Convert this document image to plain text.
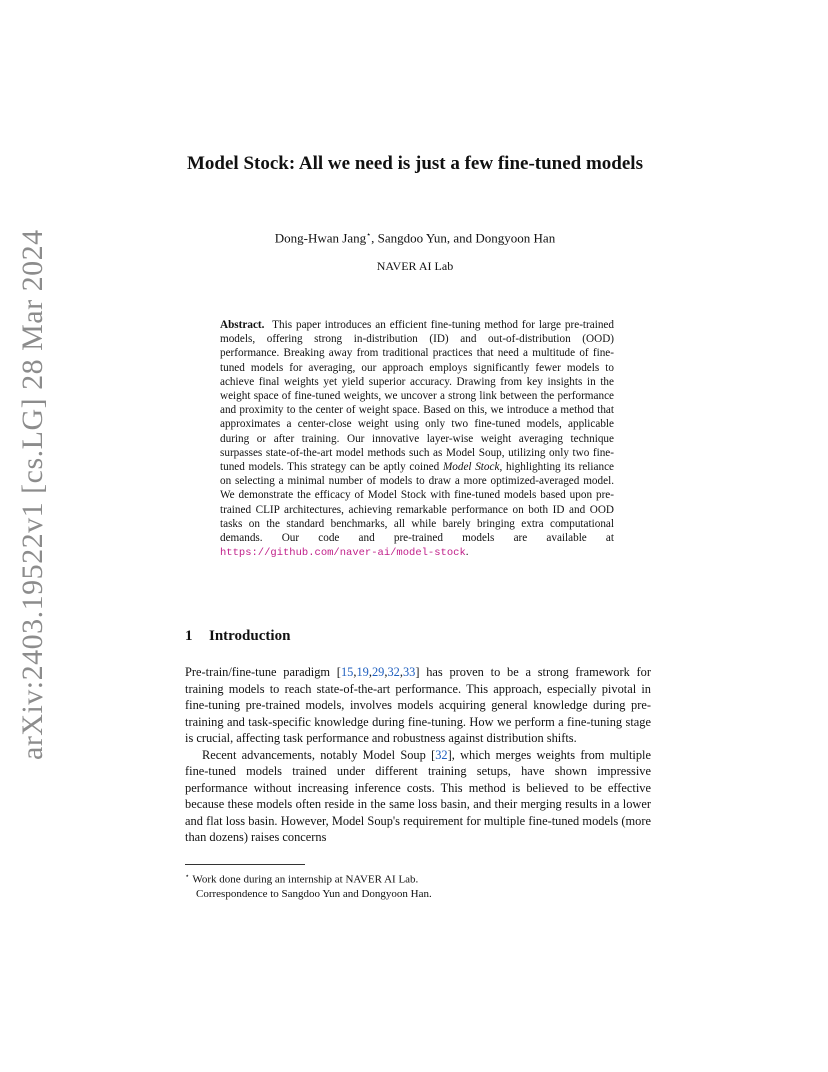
arXiv:2403.19522v1 [cs.LG] 28 Mar 2024
Model Stock: All we need is just a few fine-tuned models
Dong-Hwan Jang⋆, Sangdoo Yun, and Dongyoon Han
NAVER AI Lab
Abstract. This paper introduces an efficient fine-tuning method for large pre-trained models, offering strong in-distribution (ID) and out-of-distribution (OOD) performance. Breaking away from traditional practices that need a multitude of fine-tuned models for averaging, our approach employs significantly fewer models to achieve final weights yet yield superior accuracy. Drawing from key insights in the weight space of fine-tuned weights, we uncover a strong link between the performance and proximity to the center of weight space. Based on this, we introduce a method that approximates a center-close weight using only two fine-tuned models, applicable during or after training. Our innovative layer-wise weight averaging technique surpasses state-of-the-art model methods such as Model Soup, utilizing only two fine-tuned models. This strategy can be aptly coined Model Stock, highlighting its reliance on selecting a minimal number of models to draw a more optimized-averaged model. We demonstrate the efficacy of Model Stock with fine-tuned models based upon pre-trained CLIP architectures, achieving remarkable performance on both ID and OOD tasks on the standard benchmarks, all while barely bringing extra computational demands. Our code and pre-trained models are available at https://github.com/naver-ai/model-stock.
1 Introduction

Pre-train/fine-tune paradigm [15,19,29,32,33] has proven to be a strong framework for training models to reach state-of-the-art performance. This approach, especially pivotal in fine-tuning pre-trained models, involves models acquiring general knowledge during pre-training and task-specific knowledge during fine-tuning. How we perform a fine-tuning stage is crucial, affecting task performance and robustness against distribution shifts.

Recent advancements, notably Model Soup [32], which merges weights from multiple fine-tuned models trained under different training setups, have shown impressive performance without increasing inference costs. This method is believed to be effective because these models often reside in the same loss basin, and their merging results in a lower and flat loss basin. However, Model Soup's requirement for multiple fine-tuned models (more than dozens) raises concerns

⋆ Work done during an internship at NAVER AI Lab.
Correspondence to Sangdoo Yun and Dongyoon Han.
